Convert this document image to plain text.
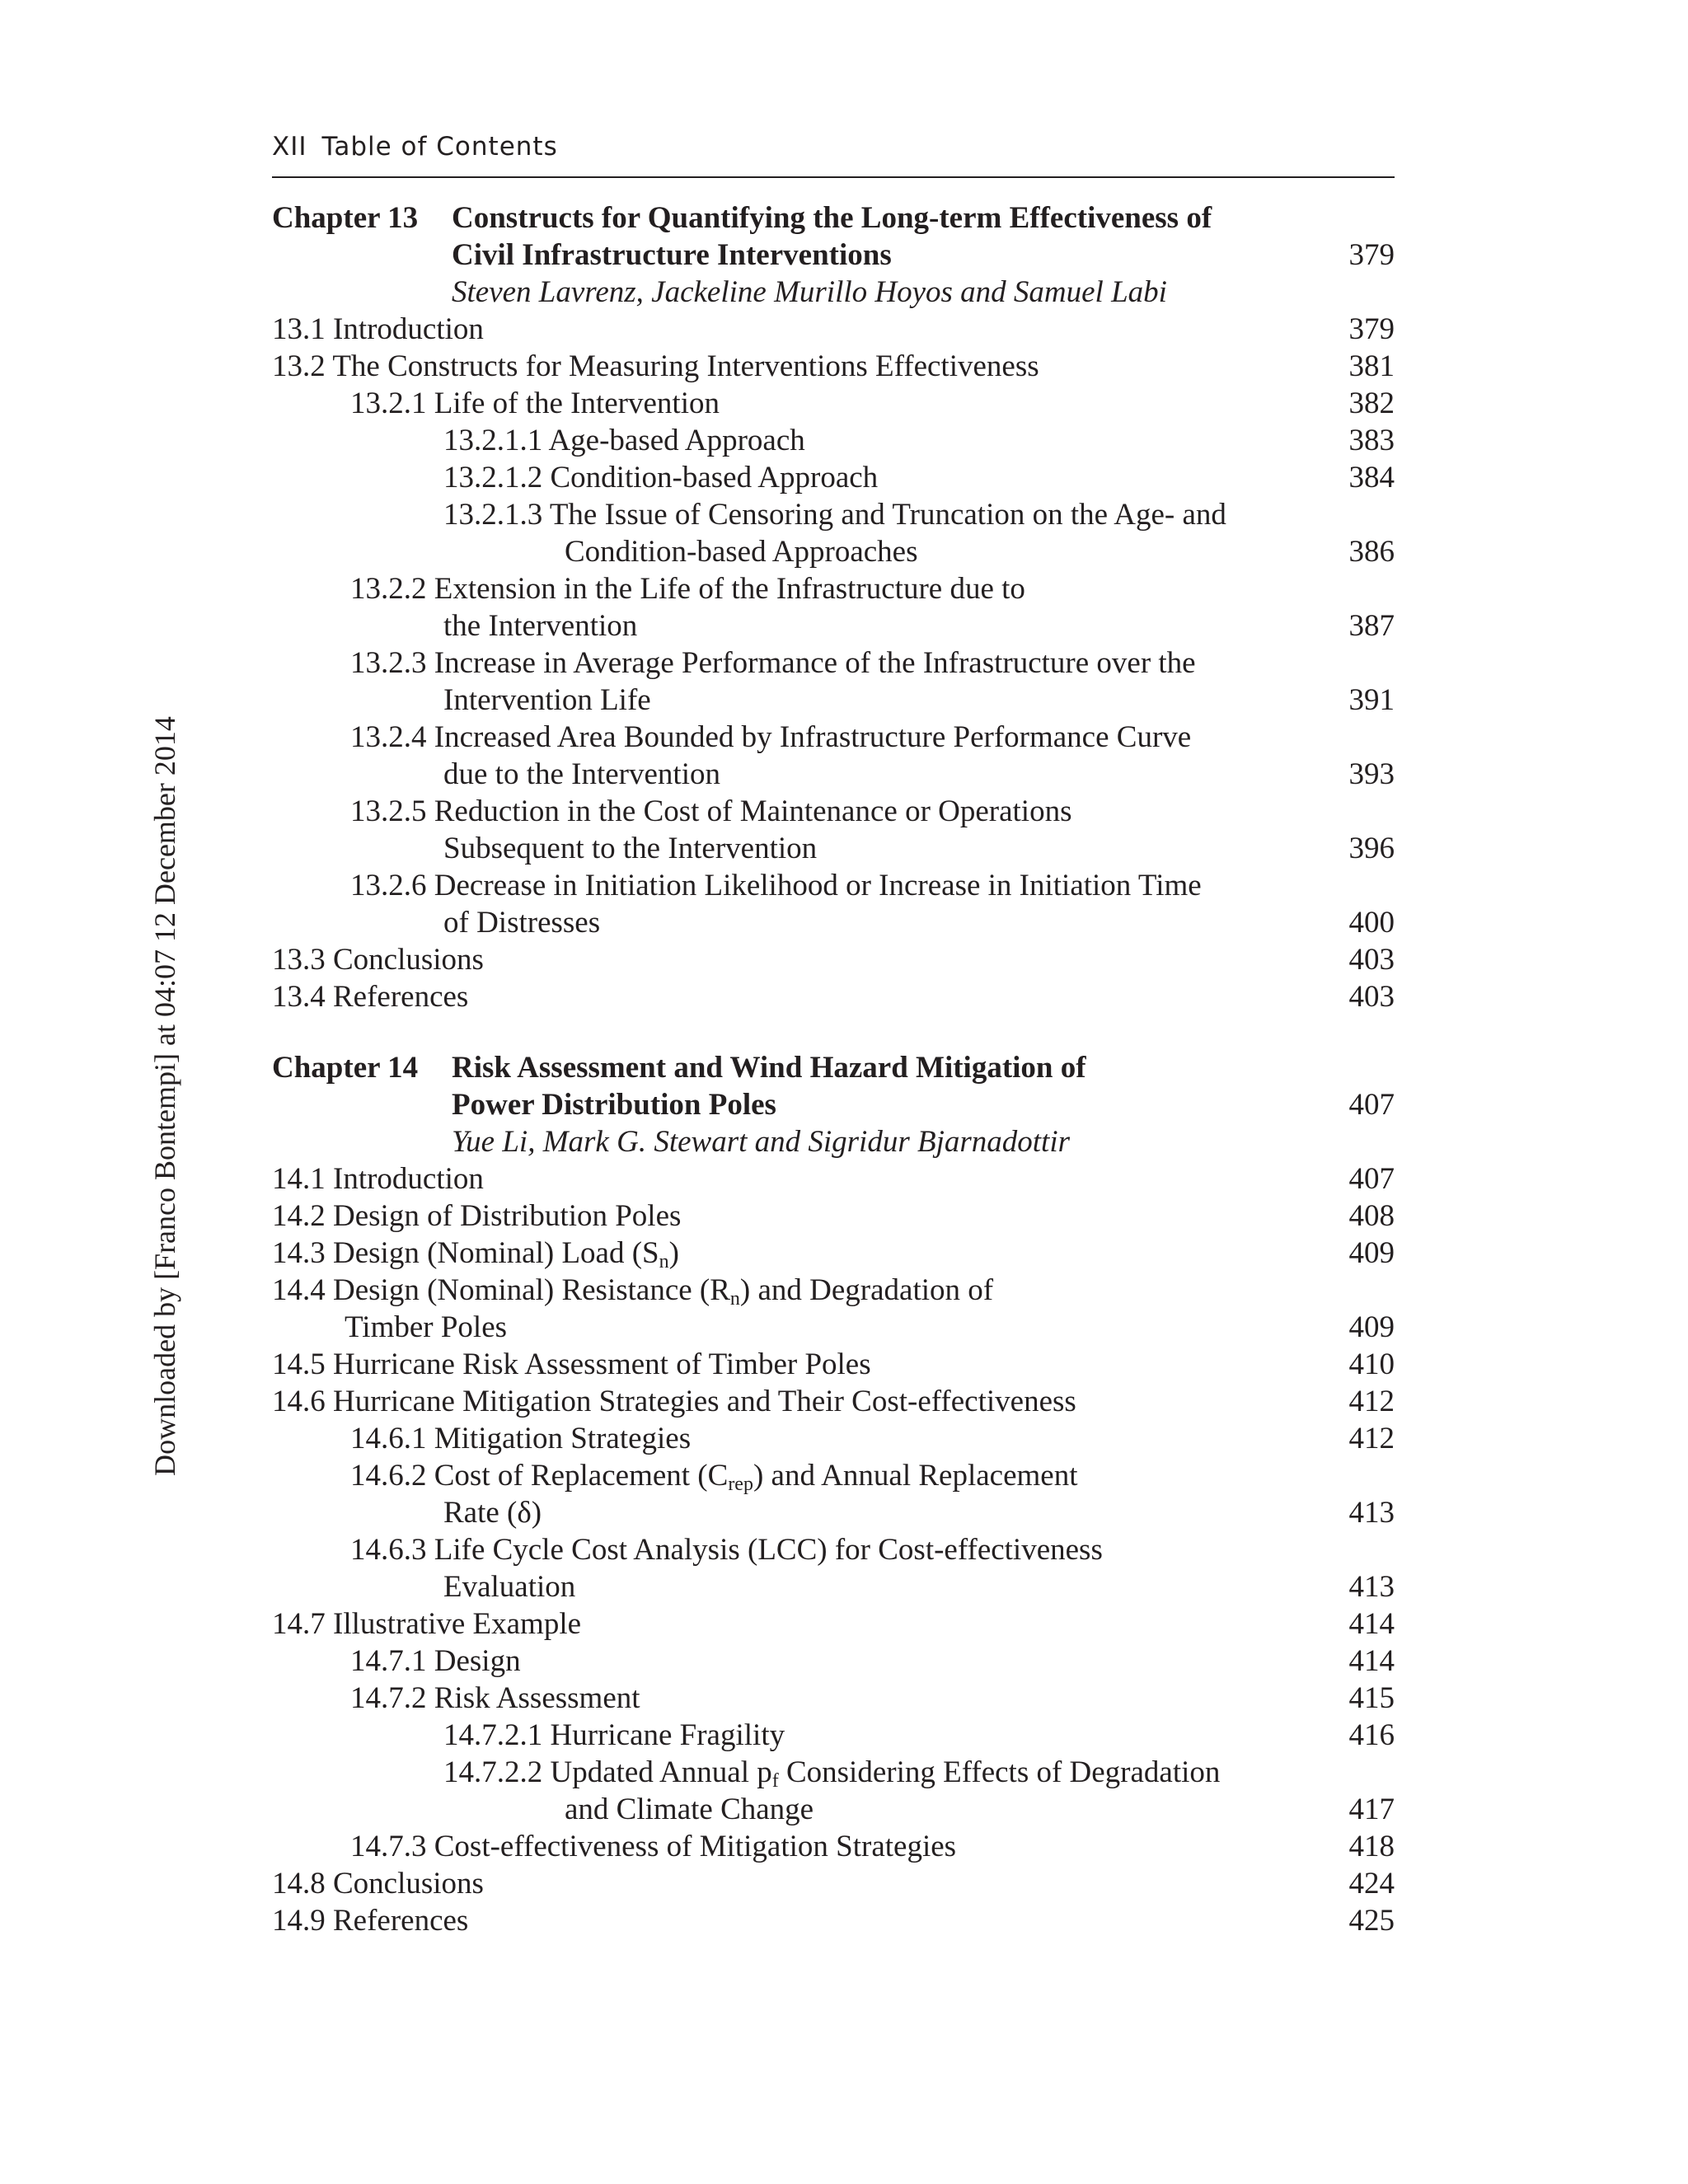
XII Table of Contents
Downloaded by [Franco Bontempi] at 04:07 12 December 2014
Chapter 13 Constructs for Quantifying the Long-term Effectiveness of
Civil Infrastructure Interventions	379
Steven Lavrenz, Jackeline Murillo Hoyos and Samuel Labi
13.1 Introduction	379
13.2 The Constructs for Measuring Interventions Effectiveness	381
13.2.1 Life of the Intervention	382
13.2.1.1 Age-based Approach	383
13.2.1.2 Condition-based Approach	384
13.2.1.3 The Issue of Censoring and Truncation on the Age- and
Condition-based Approaches	386
13.2.2 Extension in the Life of the Infrastructure due to
the Intervention	387
13.2.3 Increase in Average Performance of the Infrastructure over the
Intervention Life	391
13.2.4 Increased Area Bounded by Infrastructure Performance Curve
due to the Intervention	393
13.2.5 Reduction in the Cost of Maintenance or Operations
Subsequent to the Intervention	396
13.2.6 Decrease in Initiation Likelihood or Increase in Initiation Time
of Distresses	400
13.3 Conclusions	403
13.4 References	403
Chapter 14 Risk Assessment and Wind Hazard Mitigation of
Power Distribution Poles	407
Yue Li, Mark G. Stewart and Sigridur Bjarnadottir
14.1 Introduction	407
14.2 Design of Distribution Poles	408
14.3 Design (Nominal) Load $(S_n)$	409
14.4 Design (Nominal) Resistance $(R_n)$ and Degradation of
Timber Poles	409
14.5 Hurricane Risk Assessment of Timber Poles	410
14.6 Hurricane Mitigation Strategies and Their Cost-effectiveness	412
14.6.1 Mitigation Strategies	412
14.6.2 Cost of Replacement $(C_{rep})$ and Annual Replacement
Rate (δ)	413
14.6.3 Life Cycle Cost Analysis (LCC) for Cost-effectiveness
Evaluation	413
14.7 Illustrative Example	414
14.7.1 Design	414
14.7.2 Risk Assessment	415
14.7.2.1 Hurricane Fragility	416
14.7.2.2 Updated Annual $p_f$ Considering Effects of Degradation
and Climate Change	417
14.7.3 Cost-effectiveness of Mitigation Strategies	418
14.8 Conclusions	424
14.9 References	425
